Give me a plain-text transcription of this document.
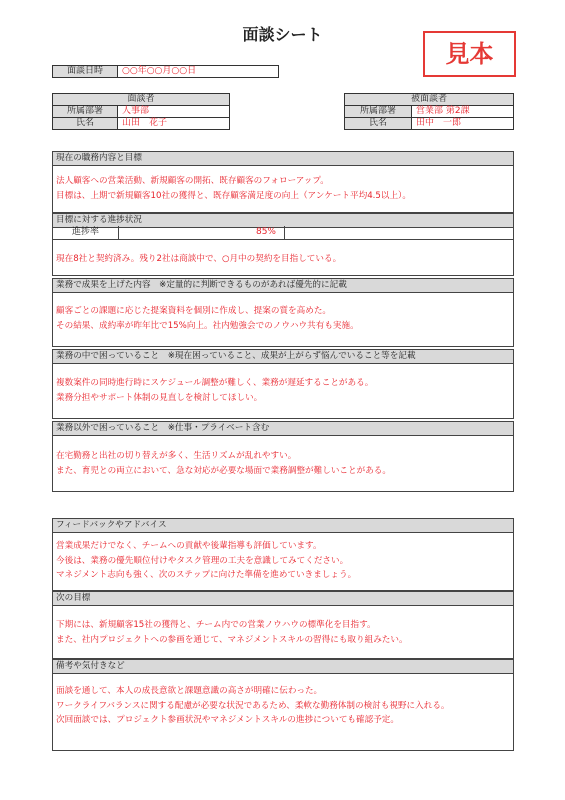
面談シート
見本
面談日時	○○年○○月○○日
面談者	
所属部署	人事部
氏名	山田　花子
被面談者	
所属部署	営業部 第2課
氏名	田中　一郎
現在の職務内容と目標
法人顧客への営業活動、新規顧客の開拓、既存顧客のフォローアップ。
目標は、上期で新規顧客10社の獲得と、既存顧客満足度の向上（アンケート平均4.5以上）。
目標に対する進捗状況
進捗率	85%
現在8社と契約済み。残り2社は商談中で、○月中の契約を目指している。
業務で成果を上げた内容　※定量的に判断できるものがあれば優先的に記載
顧客ごとの課題に応じた提案資料を個別に作成し、提案の質を高めた。
その結果、成約率が昨年比で15%向上。社内勉強会でのノウハウ共有も実施。
業務の中で困っていること　※現在困っていること、成果が上がらず悩んでいること等を記載
複数案件の同時進行時にスケジュール調整が難しく、業務が遅延することがある。
業務分担やサポート体制の見直しを検討してほしい。
業務以外で困っていること　※仕事・プライベート含む
在宅勤務と出社の切り替えが多く、生活リズムが乱れやすい。
また、育児との両立において、急な対応が必要な場面で業務調整が難しいことがある。
フィードバックやアドバイス
営業成果だけでなく、チームへの貢献や後輩指導も評価しています。
今後は、業務の優先順位付けやタスク管理の工夫を意識してみてください。
マネジメント志向も強く、次のステップに向けた準備を進めていきましょう。
次の目標
下期には、新規顧客15社の獲得と、チーム内での営業ノウハウの標準化を目指す。
また、社内プロジェクトへの参画を通じて、マネジメントスキルの習得にも取り組みたい。
備考や気付きなど
面談を通して、本人の成長意欲と課題意識の高さが明確に伝わった。
ワークライフバランスに関する配慮が必要な状況であるため、柔軟な勤務体制の検討も視野に入れる。
次回面談では、プロジェクト参画状況やマネジメントスキルの進捗についても確認予定。
